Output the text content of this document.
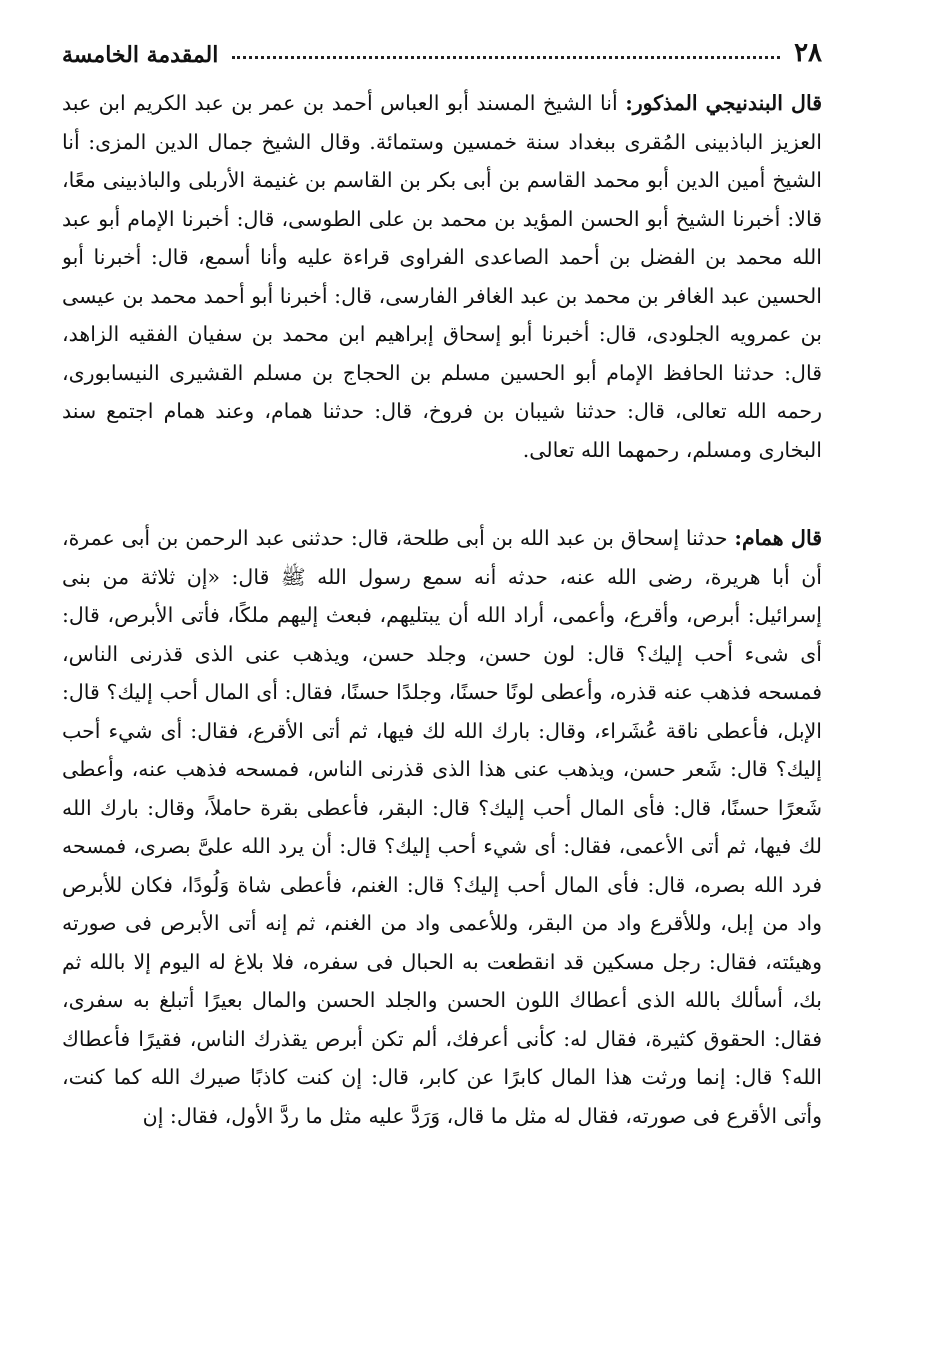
٢٨
المقدمة الخامسة

قال البندنيجي المذكور: أنا الشيخ المسند أبو العباس أحمد بن عمر بن عبد الكريم ابن عبد العزيز الباذبينى المُقرى ببغداد سنة خمسين وستمائة. وقال الشيخ جمال الدين المزى: أنا الشيخ أمين الدين أبو محمد القاسم بن أبى بكر بن القاسم بن غنيمة الأربلى والباذبينى معًا، قالا: أخبرنا الشيخ أبو الحسن المؤيد بن محمد بن على الطوسى، قال: أخبرنا الإمام أبو عبد الله محمد بن الفضل بن أحمد الصاعدى الفراوى قراءة عليه وأنا أسمع، قال: أخبرنا أبو الحسين عبد الغافر بن محمد بن عبد الغافر الفارسى، قال: أخبرنا أبو أحمد محمد بن عيسى بن عمرويه الجلودى، قال: أخبرنا أبو إسحاق إبراهيم ابن محمد بن سفيان الفقيه الزاهد، قال: حدثنا الحافظ الإمام أبو الحسين مسلم بن الحجاج بن مسلم القشيرى النيسابورى، رحمه الله تعالى، قال: حدثنا شيبان بن فروخ، قال: حدثنا همام، وعند همام اجتمع سند البخارى ومسلم، رحمهما الله تعالى.

قال همام: حدثنا إسحاق بن عبد الله بن أبى طلحة، قال: حدثنى عبد الرحمن بن أبى عمرة، أن أبا هريرة، رضى الله عنه، حدثه أنه سمع رسول الله ﷺ قال: «إن ثلاثة من بنى إسرائيل: أبرص، وأقرع، وأعمى، أراد الله أن يبتليهم، فبعث إليهم ملكًا، فأتى الأبرص، قال: أى شىء أحب إليك؟ قال: لون حسن، وجلد حسن، ويذهب عنى الذى قذرنى الناس، فمسحه فذهب عنه قذره، وأعطى لونًا حسنًا، وجلدًا حسنًا، فقال: أى المال أحب إليك؟ قال: الإبل، فأعطى ناقة عُشَراء، وقال: بارك الله لك فيها، ثم أتى الأقرع، فقال: أى شيء أحب إليك؟ قال: شَعر حسن، ويذهب عنى هذا الذى قذرنى الناس، فمسحه فذهب عنه، وأعطى شَعرًا حسنًا، قال: فأى المال أحب إليك؟ قال: البقر، فأعطى بقرة حاملاً، وقال: بارك الله لك فيها، ثم أتى الأعمى، فقال: أى شيء أحب إليك؟ قال: أن يرد الله علىَّ بصرى، فمسحه فرد الله بصره، قال: فأى المال أحب إليك؟ قال: الغنم، فأعطى شاة وَلُودًا، فكان للأبرص واد من إبل، وللأقرع واد من البقر، وللأعمى واد من الغنم، ثم إنه أتى الأبرص فى صورته وهيئته، فقال: رجل مسكين قد انقطعت به الحبال فى سفره، فلا بلاغ له اليوم إلا بالله ثم بك، أسألك بالله الذى أعطاك اللون الحسن والجلد الحسن والمال بعيرًا أتبلغ به سفرى، فقال: الحقوق كثيرة، فقال له: كأنى أعرفك، ألم تكن أبرص يقذرك الناس، فقيرًا فأعطاك الله؟ قال: إنما ورثت هذا المال كابرًا عن كابر، قال: إن كنت كاذبًا صيرك الله كما كنت، وأتى الأقرع فى صورته، فقال له مثل ما قال، وَرَدَّ عليه مثل ما ردَّ الأول، فقال: إن
